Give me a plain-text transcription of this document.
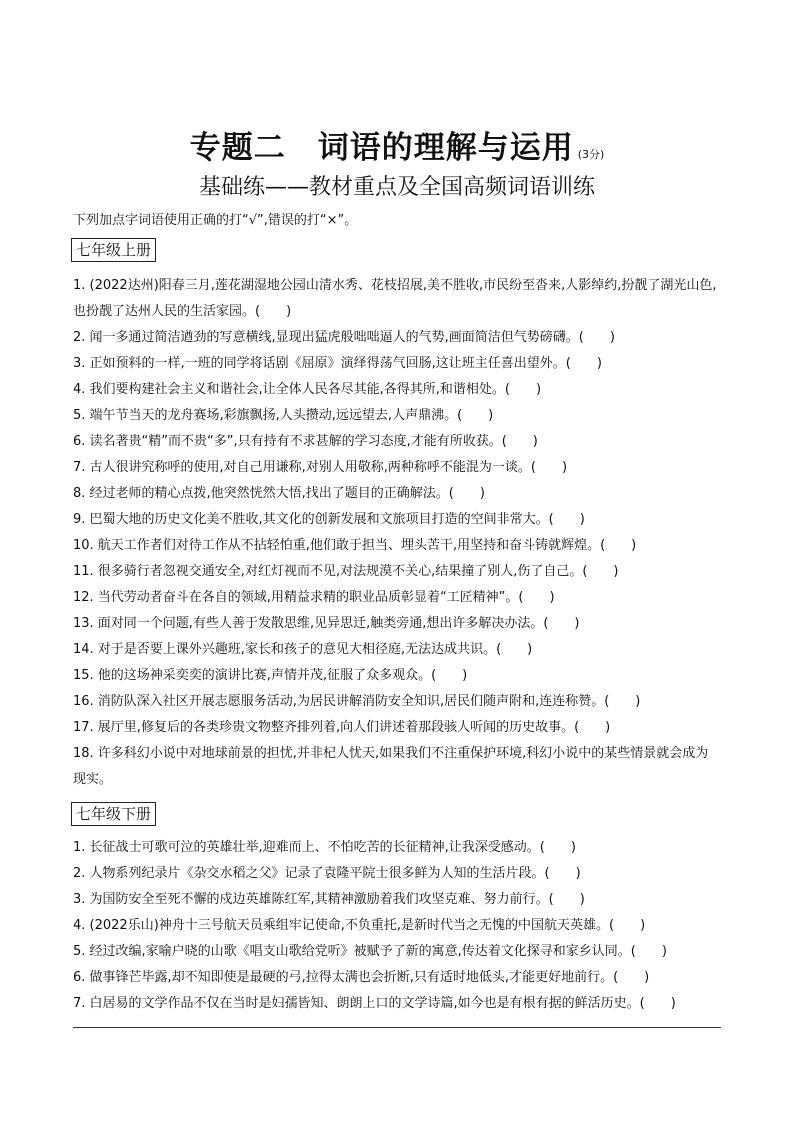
专题二　词语的理解与运用 (3分)
基础练——教材重点及全国高频词语训练
下列加点字词语使用正确的打“√”,错误的打“×”。
七年级上册
1. (2022达州)阳春三月,莲花湖湿地公园山清水秀、花枝招展,美不胜收,市民纷至沓来,人影绰约,扮靓了湖光山色,也扮靓了达州人民的生活家园。(　　)
2. 闻一多通过简洁遒劲的写意横线,显现出猛虎般咄咄逼人的气势,画面简洁但气势磅礴。(　　)
3. 正如预料的一样,一班的同学将话剧《屈原》演绎得荡气回肠,这让班主任喜出望外。(　　)
4. 我们要构建社会主义和谐社会,让全体人民各尽其能,各得其所,和谐相处。(　　)
5. 端午节当天的龙舟赛场,彩旗飘扬,人头攒动,远远望去,人声鼎沸。(　　)
6. 读名著贵“精”而不贵“多”,只有持有不求甚解的学习态度,才能有所收获。(　　)
7. 古人很讲究称呼的使用,对自己用谦称,对别人用敬称,两种称呼不能混为一谈。(　　)
8. 经过老师的精心点拨,他突然恍然大悟,找出了题目的正确解法。(　　)
9. 巴蜀大地的历史文化美不胜收,其文化的创新发展和文旅项目打造的空间非常大。(　　)
10. 航天工作者们对待工作从不拈轻怕重,他们敢于担当、埋头苦干,用坚持和奋斗铸就辉煌。(　　)
11. 很多骑行者忽视交通安全,对红灯视而不见,对法规漠不关心,结果撞了别人,伤了自己。(　　)
12. 当代劳动者奋斗在各自的领域,用精益求精的职业品质彰显着“工匠精神”。(　　)
13. 面对同一个问题,有些人善于发散思维,见异思迁,触类旁通,想出许多解决办法。(　　)
14. 对于是否要上课外兴趣班,家长和孩子的意见大相径庭,无法达成共识。(　　)
15. 他的这场神采奕奕的演讲比赛,声情并茂,征服了众多观众。(　　)
16. 消防队深入社区开展志愿服务活动,为居民讲解消防安全知识,居民们随声附和,连连称赞。(　　)
17. 展厅里,修复后的各类珍贵文物整齐排列着,向人们讲述着那段骇人听闻的历史故事。(　　)
18. 许多科幻小说中对地球前景的担忧,并非杞人忧天,如果我们不注重保护环境,科幻小说中的某些情景就会成为现实。
七年级下册
1. 长征战士可歌可泣的英雄壮举,迎难而上、不怕吃苦的长征精神,让我深受感动。(　　)
2. 人物系列纪录片《杂交水稻之父》记录了袁隆平院士很多鲜为人知的生活片段。(　　)
3. 为国防安全至死不懈的戍边英雄陈红军,其精神激励着我们攻坚克难、努力前行。(　　)
4. (2022乐山)神舟十三号航天员乘组牢记使命,不负重托,是新时代当之无愧的中国航天英雄。(　　)
5. 经过改编,家喻户晓的山歌《唱支山歌给党听》被赋予了新的寓意,传达着文化探寻和家乡认同。(　　)
6. 做事锋芒毕露,却不知即使是最硬的弓,拉得太满也会折断,只有适时地低头,才能更好地前行。(　　)
7. 白居易的文学作品不仅在当时是妇孺皆知、朗朗上口的文学诗篇,如今也是有根有据的鲜活历史。(　　)
